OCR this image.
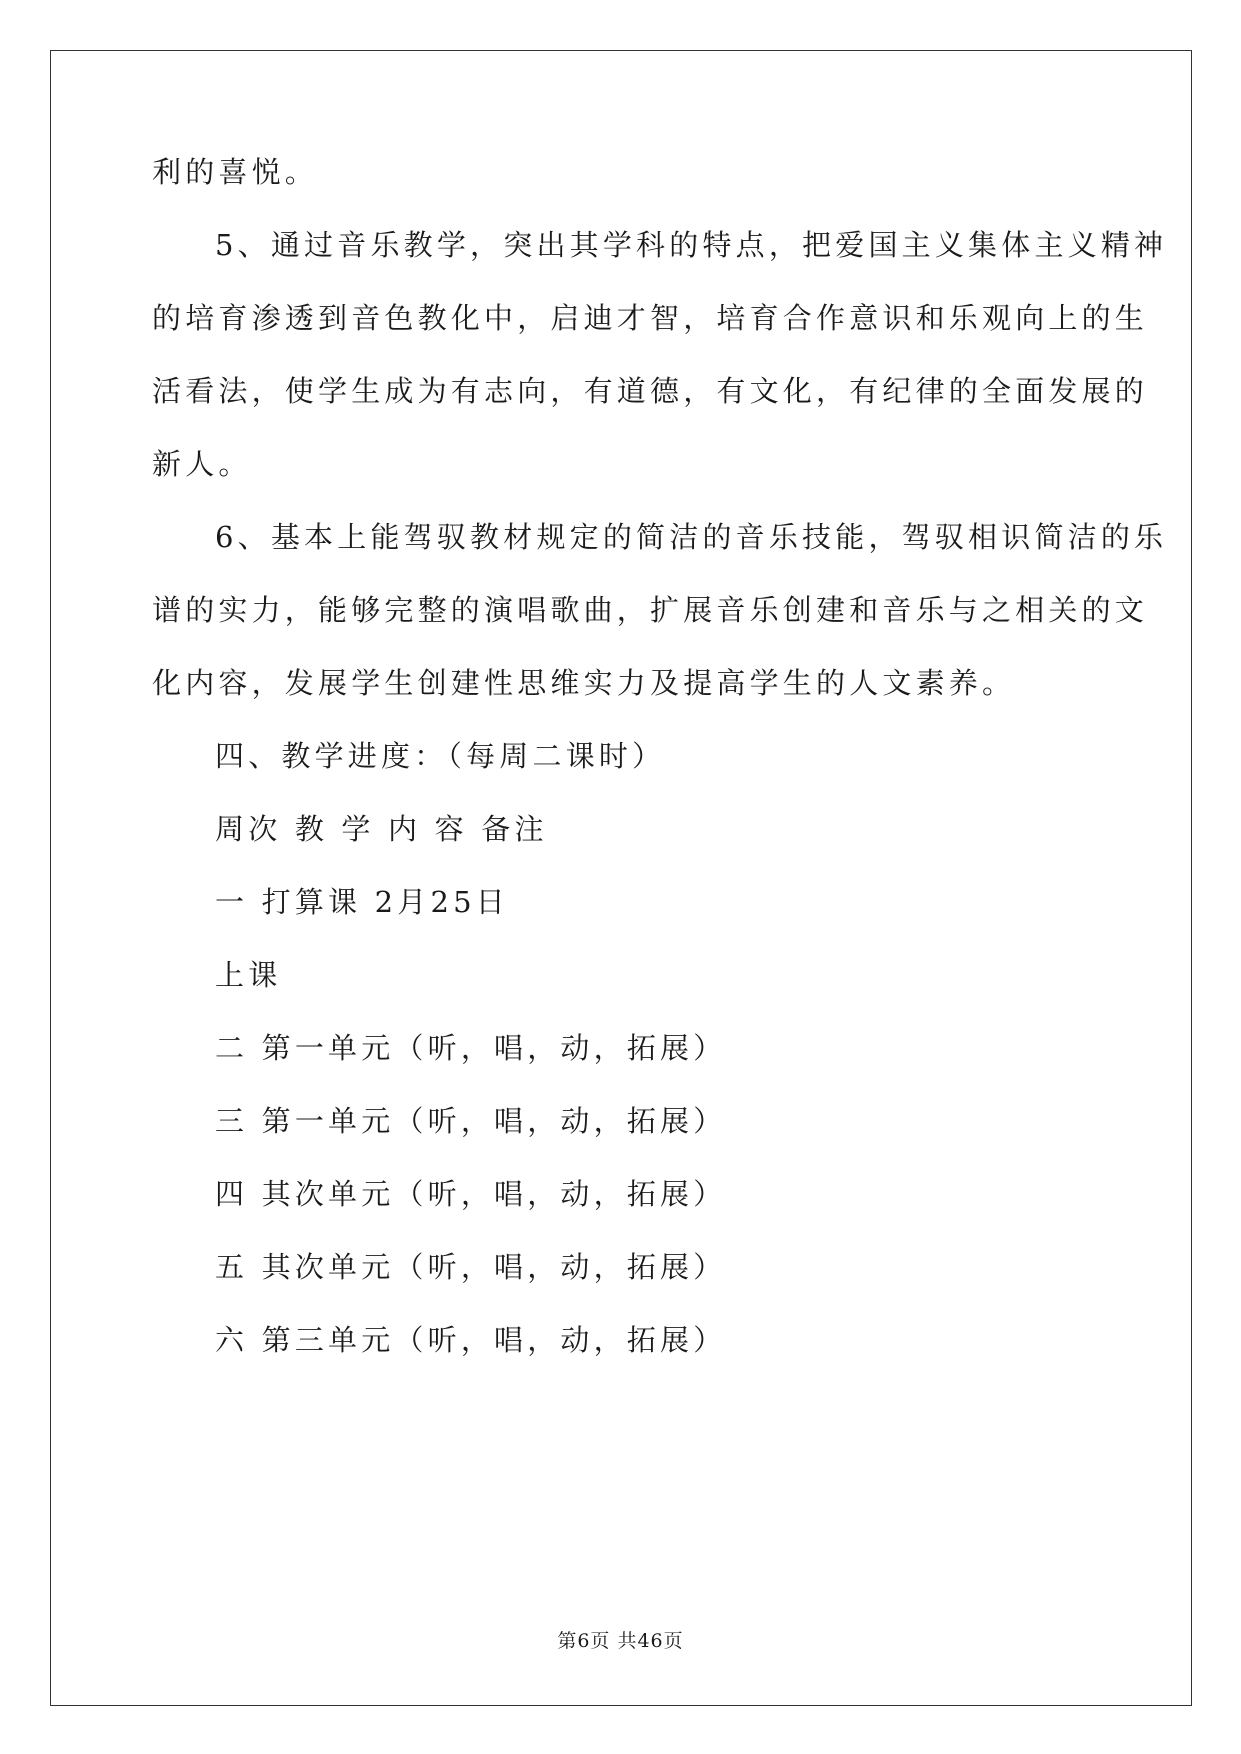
利的喜悦。
5、通过音乐教学，突出其学科的特点，把爱国主义集体主义精神
的培育渗透到音色教化中，启迪才智，培育合作意识和乐观向上的生
活看法，使学生成为有志向，有道德，有文化，有纪律的全面发展的
新人。
6、基本上能驾驭教材规定的简洁的音乐技能，驾驭相识简洁的乐
谱的实力，能够完整的演唱歌曲，扩展音乐创建和音乐与之相关的文
化内容，发展学生创建性思维实力及提高学生的人文素养。
四、教学进度：（每周二课时）
周次 教 学 内 容 备注
一 打算课 2月25日
上课
二 第一单元（听，唱，动，拓展）
三 第一单元（听，唱，动，拓展）
四 其次单元（听，唱，动，拓展）
五 其次单元（听，唱，动，拓展）
六 第三单元（听，唱，动，拓展）
第6页 共46页
